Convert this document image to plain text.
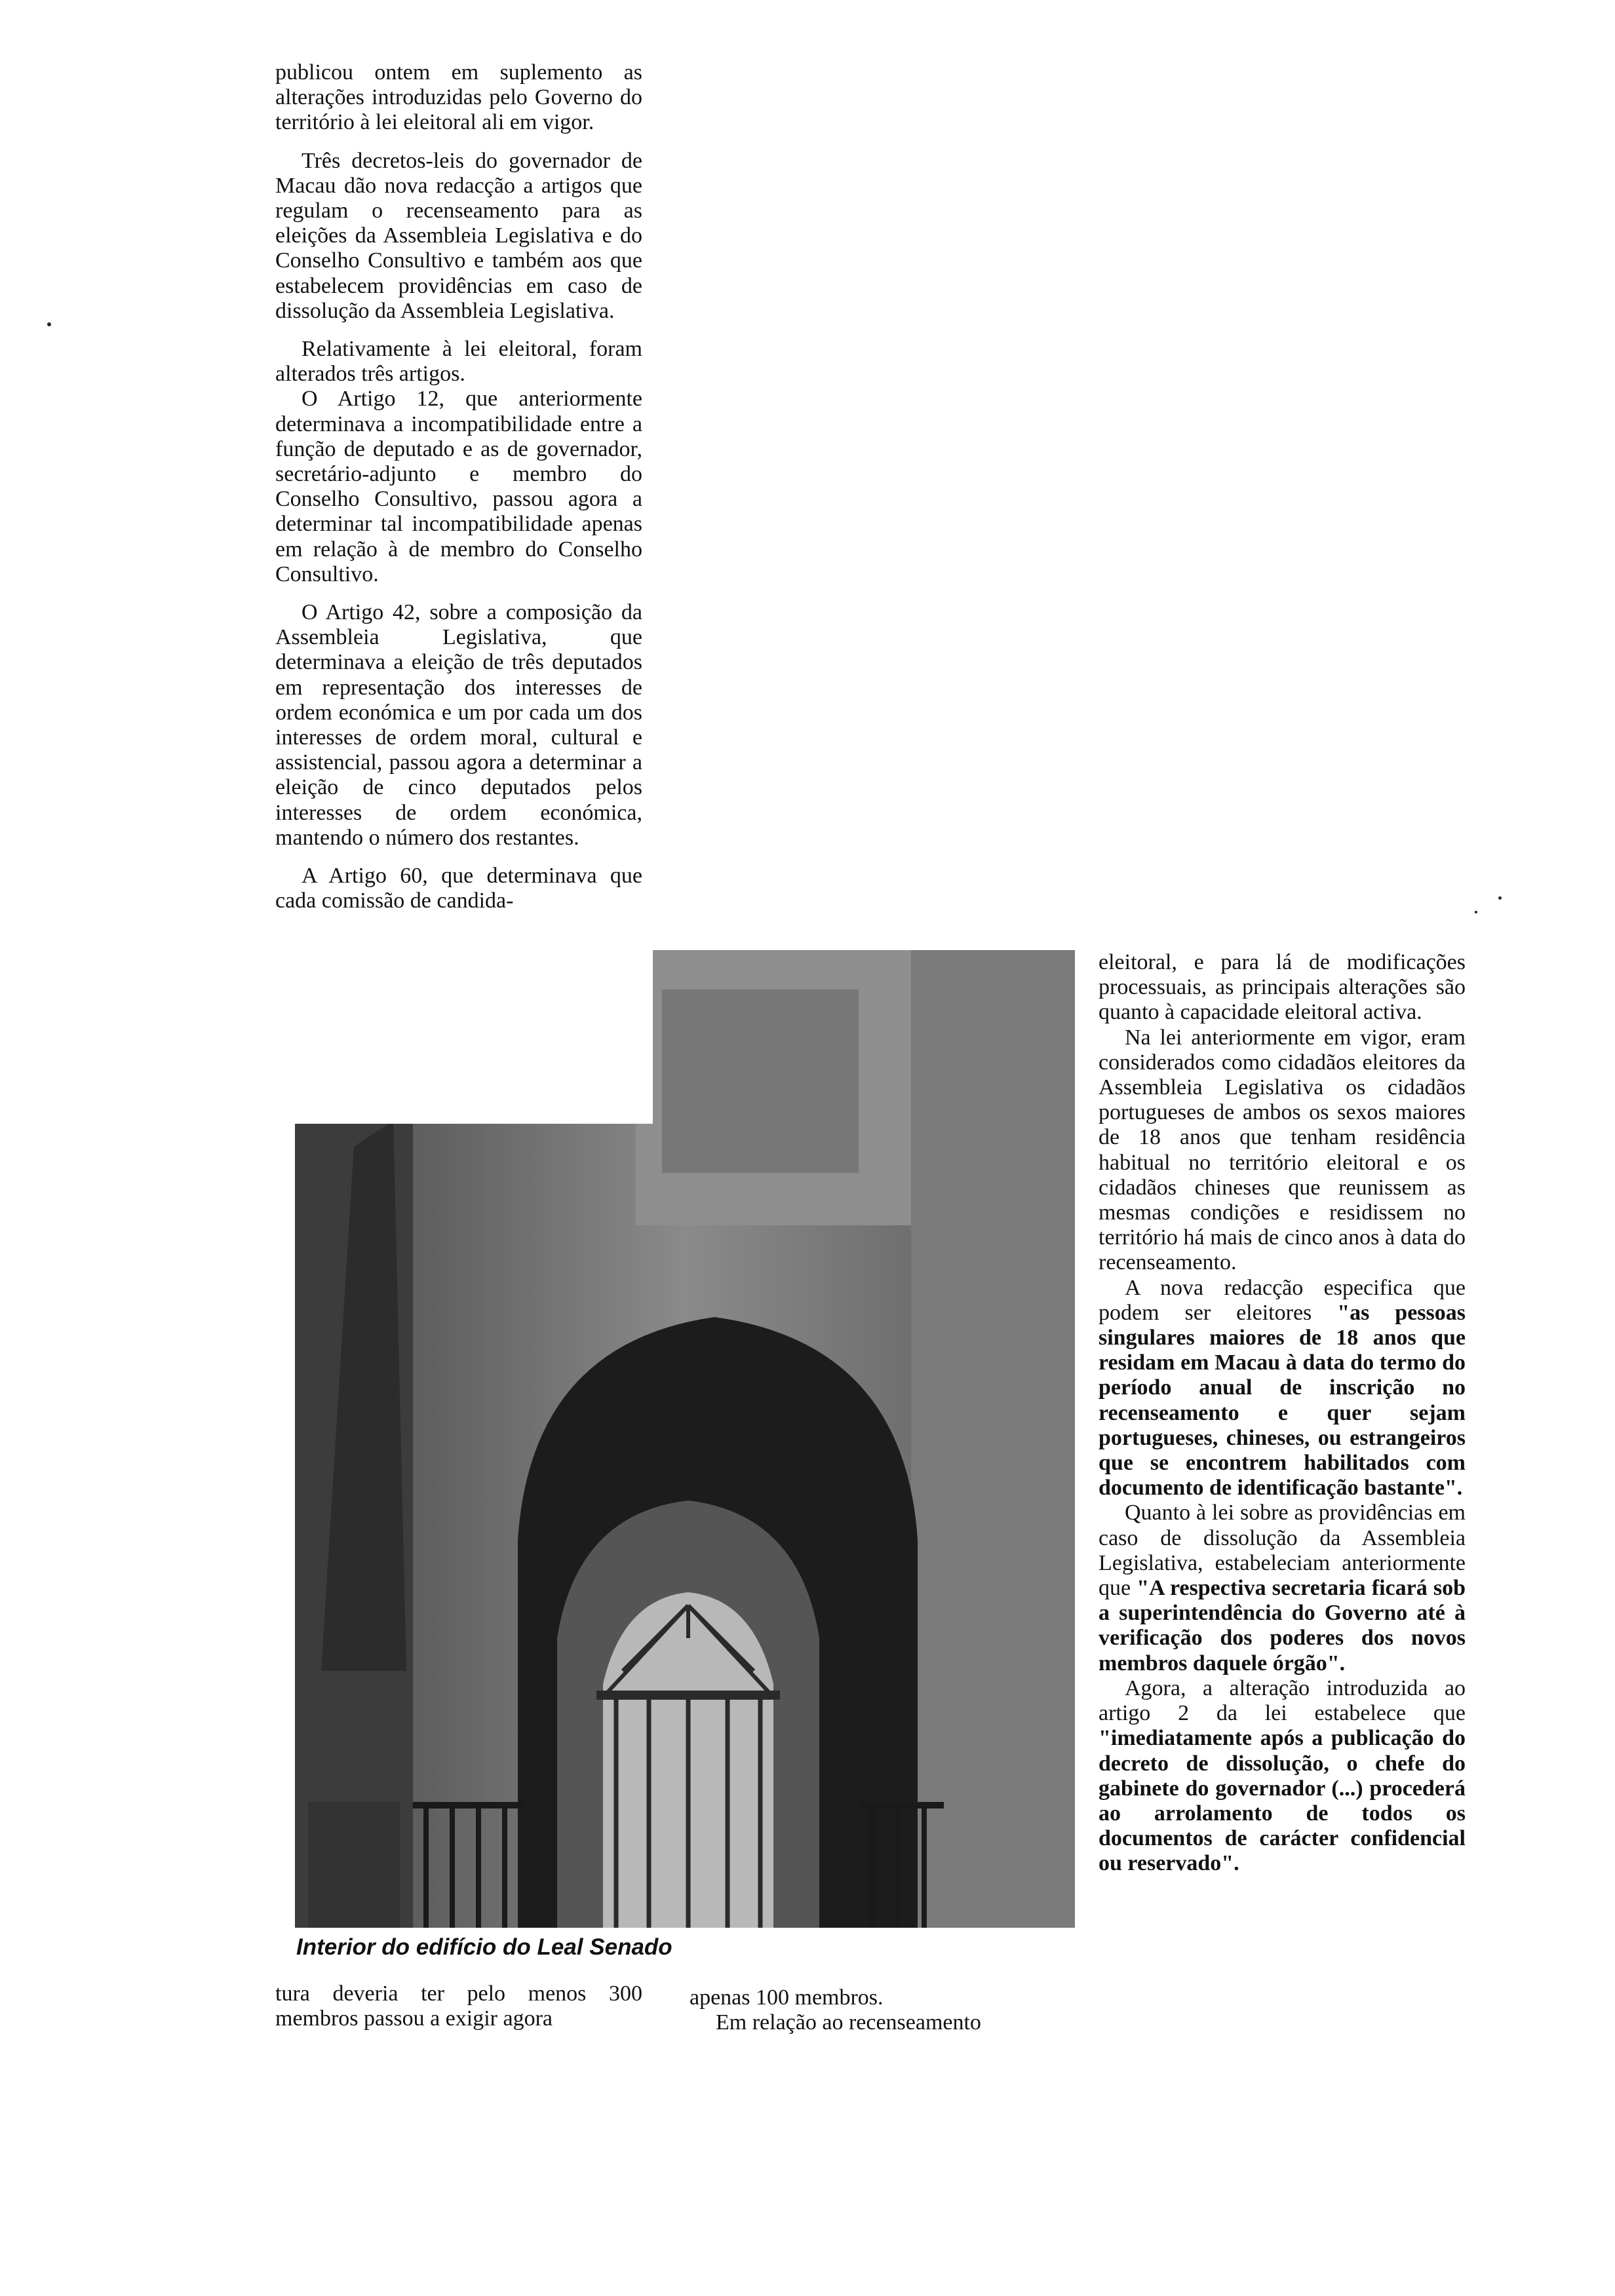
Interior do edifício do Leal Senado

publicou ontem em suplemento as alterações introduzidas pelo Governo do território à lei eleitoral ali em vigor.

Três decretos-leis do governador de Macau dão nova redacção a artigos que regulam o recenseamento para as eleições da Assembleia Legislativa e do Conselho Consultivo e também aos que estabelecem providências em caso de dissolução da Assembleia Legislativa.

Relativamente à lei eleitoral, foram alterados três artigos.

O Artigo 12, que anteriormente determinava a incompatibilidade entre a função de deputado e as de governador, secretário-adjunto e membro do Conselho Consultivo, passou agora a determinar tal incompatibilidade apenas em relação à de membro do Conselho Consultivo.

O Artigo 42, sobre a composição da Assembleia Legislativa, que determinava a eleição de três deputados em representação dos interesses de ordem económica e um por cada um dos interesses de ordem moral, cultural e assistencial, passou agora a determinar a eleição de cinco deputados pelos interesses de ordem económica, mantendo o número dos restantes.

A Artigo 60, que determinava que cada comissão de candida-

tura deveria ter pelo menos 300 membros passou a exigir agora

apenas 100 membros.

Em relação ao recenseamento

eleitoral, e para lá de modificações processuais, as principais alterações são quanto à capacidade eleitoral activa.

Na lei anteriormente em vigor, eram considerados como cidadãos eleitores da Assembleia Legislativa os cidadãos portugueses de ambos os sexos maiores de 18 anos que tenham residência habitual no território eleitoral e os cidadãos chineses que reunissem as mesmas condições e residissem no território há mais de cinco anos à data do recenseamento.

A nova redacção especifica que podem ser eleitores "as pessoas singulares maiores de 18 anos que residam em Macau à data do termo do período anual de inscrição no recenseamento e quer sejam portugueses, chineses, ou estrangeiros que se encontrem habilitados com documento de identificação bastante".

Quanto à lei sobre as providências em caso de dissolução da Assembleia Legislativa, estabeleciam anteriormente que "A respectiva secretaria ficará sob a superintendência do Governo até à verificação dos poderes dos novos membros daquele órgão".

Agora, a alteração introduzida ao artigo 2 da lei estabelece que "imediatamente após a publicação do decreto de dissolução, o chefe do gabinete do governador (...) procederá ao arrolamento de todos os documentos de carácter confidencial ou reservado".
